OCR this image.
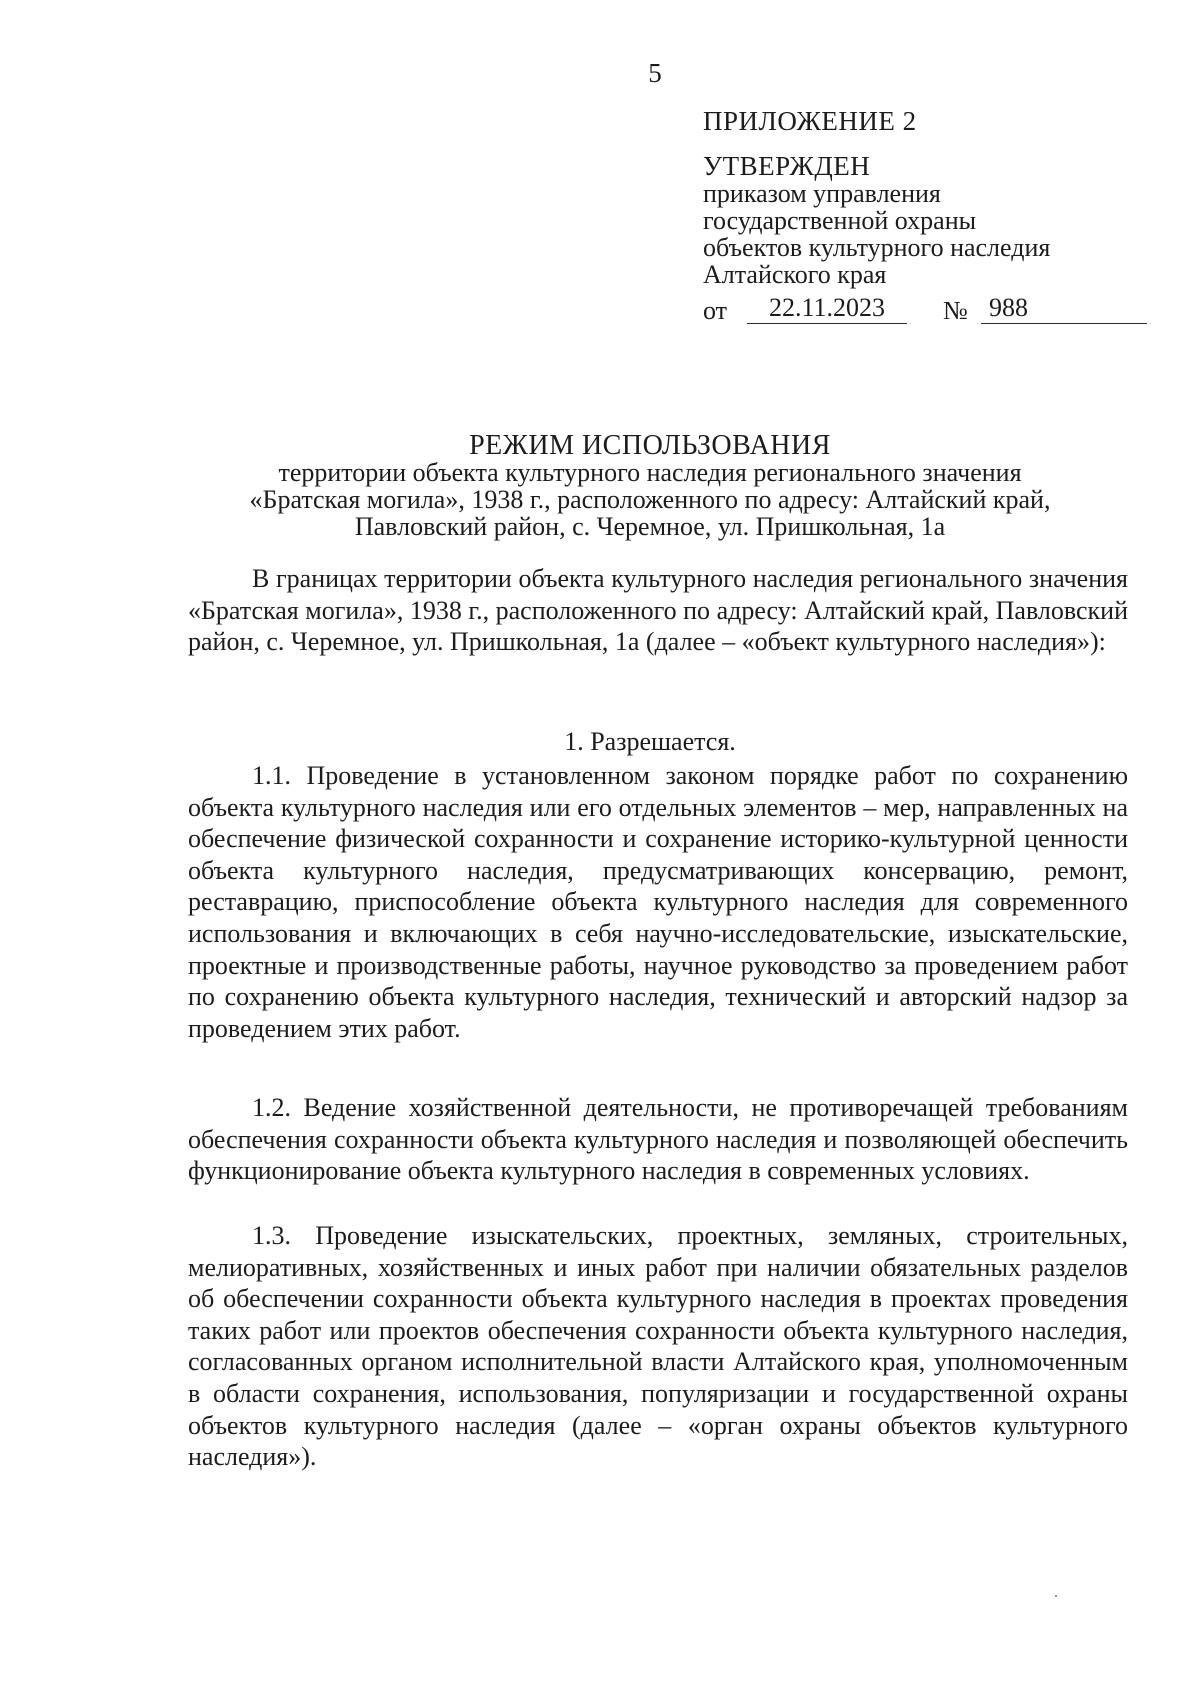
5

ПРИЛОЖЕНИЕ 2

УТВЕРЖДЕН

приказом управления

государственной охраны

объектов культурного наследия

Алтайского края

от	22.11.2023	№ 988
РЕЖИМ ИСПОЛЬЗОВАНИЯ
территории объекта культурного наследия регионального значения
«Братская могила», 1938 г., расположенного по адресу: Алтайский край,
Павловский район, с. Черемное, ул. Пришкольная, 1а

В границах территории объекта культурного наследия регионального значения «Братская могила», 1938 г., расположенного по адресу: Алтайский край, Павловский район, с. Черемное, ул. Пришкольная, 1а (далее – «объект культурного наследия»):

1. Разрешается.

1.1. Проведение в установленном законом порядке работ по сохранению объекта культурного наследия или его отдельных элементов – мер, направленных на обеспечение физической сохранности и сохранение историко-культурной ценности объекта культурного наследия, предусматривающих консервацию, ремонт, реставрацию, приспособление объекта культурного наследия для современного использования и включающих в себя научно-исследовательские, изыскательские, проектные и производственные работы, научное руководство за проведением работ по сохранению объекта культурного наследия, технический и авторский надзор за проведением этих работ.

1.2. Ведение хозяйственной деятельности, не противоречащей требованиям обеспечения сохранности объекта культурного наследия и позволяющей обеспечить функционирование объекта культурного наследия в современных условиях.

1.3. Проведение изыскательских, проектных, земляных, строительных, мелиоративных, хозяйственных и иных работ при наличии обязательных разделов об обеспечении сохранности объекта культурного наследия в проектах проведения таких работ или проектов обеспечения сохранности объекта культурного наследия, согласованных органом исполнительной власти Алтайского края, уполномоченным в области сохранения, использования, популяризации и государственной охраны объектов культурного наследия (далее – «орган охраны объектов культурного наследия»).
